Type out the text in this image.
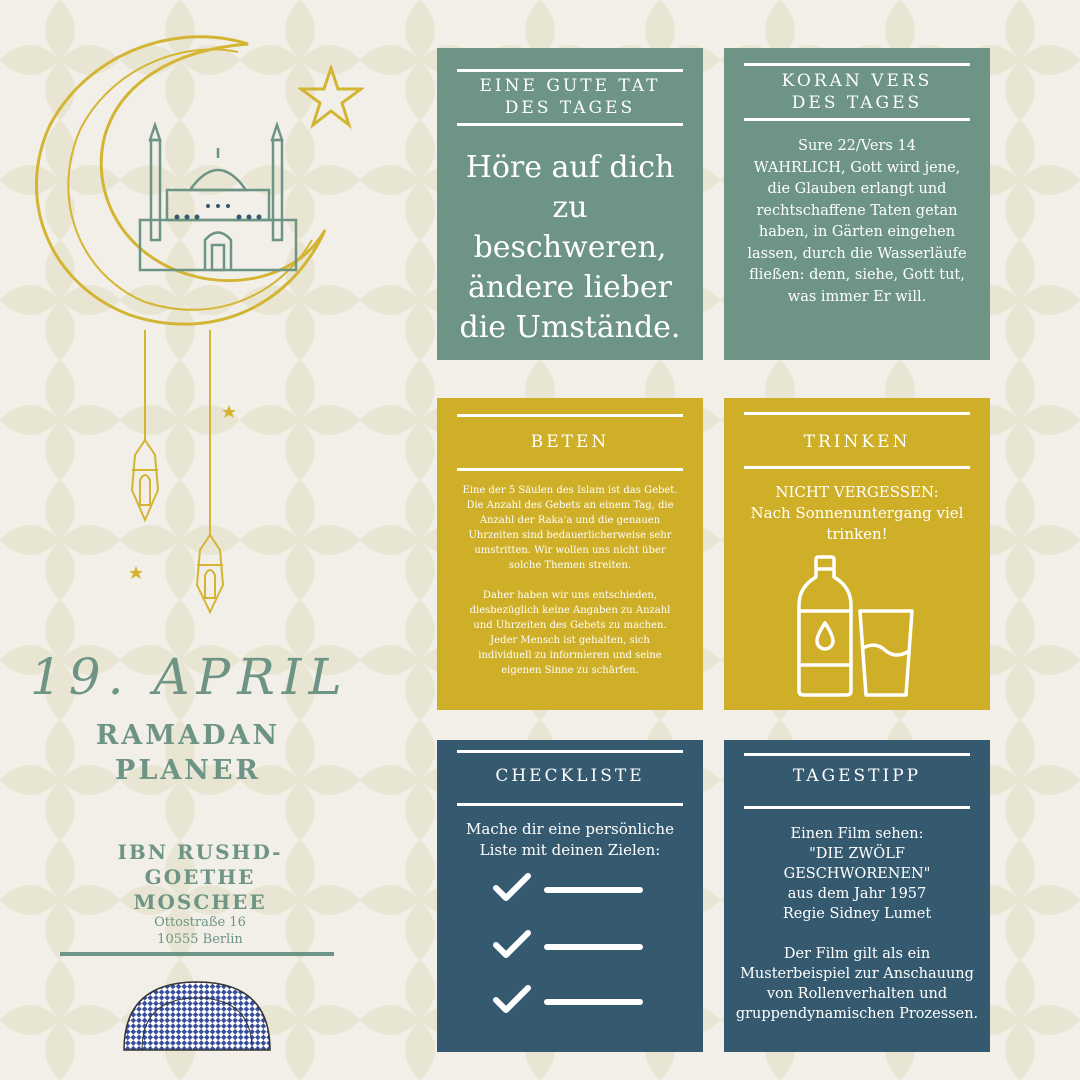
19. APRIL
RAMADAN
PLANER
IBN RUSHD-
GOETHE
MOSCHEE
Ottostraße 16
10555 Berlin
EINE GUTE TAT
DES TAGES
Höre auf dich
zu
beschweren,
ändere lieber
die Umstände.
KORAN VERS
DES TAGES
Sure 22/Vers 14
WAHRLICH, Gott wird jene,
die Glauben erlangt und
rechtschaffene Taten getan
haben, in Gärten eingehen
lassen, durch die Wasserläufe
fließen: denn, siehe, Gott tut,
was immer Er will.
BETEN
Eine der 5 Säulen des Islam ist das Gebet.
Die Anzahl des Gebets an einem Tag, die
Anzahl der Raka'a und die genauen
Uhrzeiten sind bedauerlicherweise sehr
umstritten. Wir wollen uns nicht über
solche Themen streiten.
Daher haben wir uns entschieden,
diesbezüglich keine Angaben zu Anzahl
und Uhrzeiten des Gebets zu machen.
Jeder Mensch ist gehalten, sich
individuell zu informieren und seine
eigenen Sinne zu schärfen.
TRINKEN
NICHT VERGESSEN:
Nach Sonnenuntergang viel
trinken!
CHECKLISTE
Mache dir eine persönliche
Liste mit deinen Zielen:
TAGESTIPP
Einen Film sehen:
"DIE ZWÖLF
GESCHWORENEN"
aus dem Jahr 1957
Regie Sidney Lumet
Der Film gilt als ein
Musterbeispiel zur Anschauung
von Rollenverhalten und
gruppendynamischen Prozessen.
